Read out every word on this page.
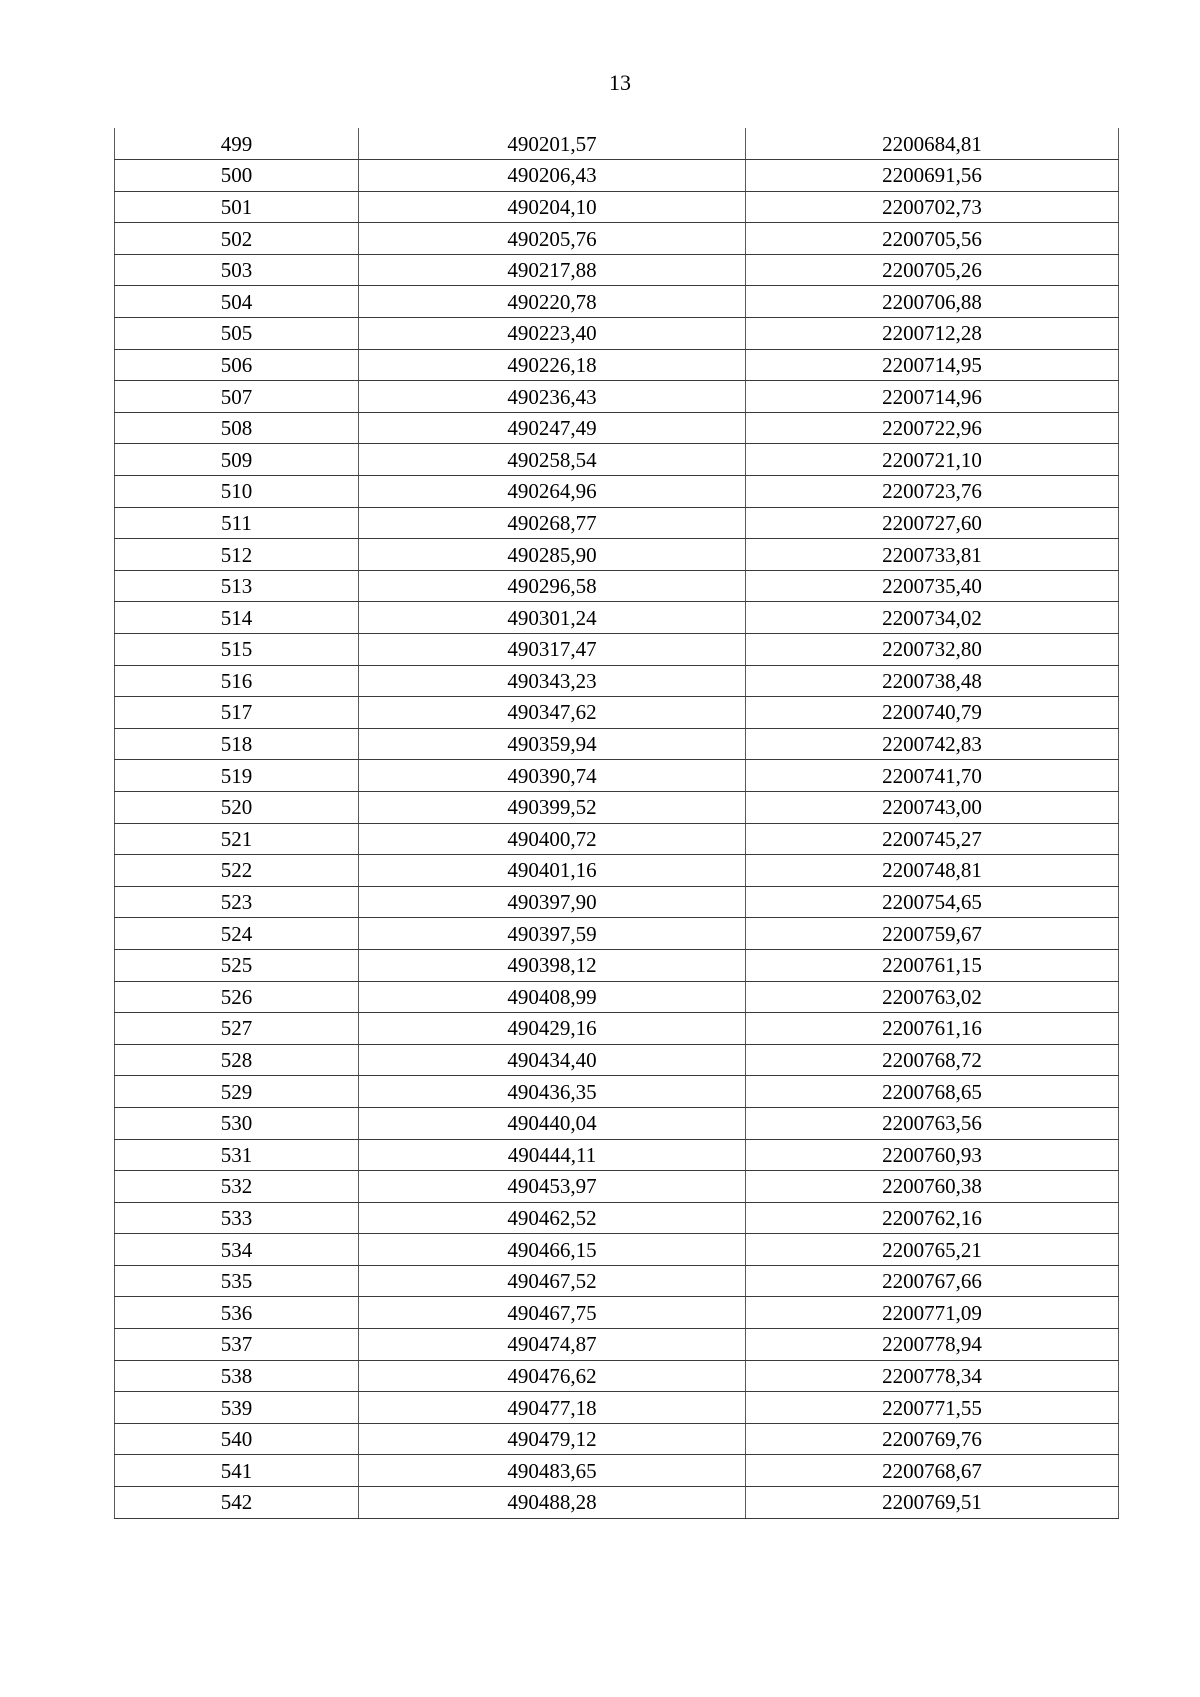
13
499	490201,57	2200684,81
500	490206,43	2200691,56
501	490204,10	2200702,73
502	490205,76	2200705,56
503	490217,88	2200705,26
504	490220,78	2200706,88
505	490223,40	2200712,28
506	490226,18	2200714,95
507	490236,43	2200714,96
508	490247,49	2200722,96
509	490258,54	2200721,10
510	490264,96	2200723,76
511	490268,77	2200727,60
512	490285,90	2200733,81
513	490296,58	2200735,40
514	490301,24	2200734,02
515	490317,47	2200732,80
516	490343,23	2200738,48
517	490347,62	2200740,79
518	490359,94	2200742,83
519	490390,74	2200741,70
520	490399,52	2200743,00
521	490400,72	2200745,27
522	490401,16	2200748,81
523	490397,90	2200754,65
524	490397,59	2200759,67
525	490398,12	2200761,15
526	490408,99	2200763,02
527	490429,16	2200761,16
528	490434,40	2200768,72
529	490436,35	2200768,65
530	490440,04	2200763,56
531	490444,11	2200760,93
532	490453,97	2200760,38
533	490462,52	2200762,16
534	490466,15	2200765,21
535	490467,52	2200767,66
536	490467,75	2200771,09
537	490474,87	2200778,94
538	490476,62	2200778,34
539	490477,18	2200771,55
540	490479,12	2200769,76
541	490483,65	2200768,67
542	490488,28	2200769,51
